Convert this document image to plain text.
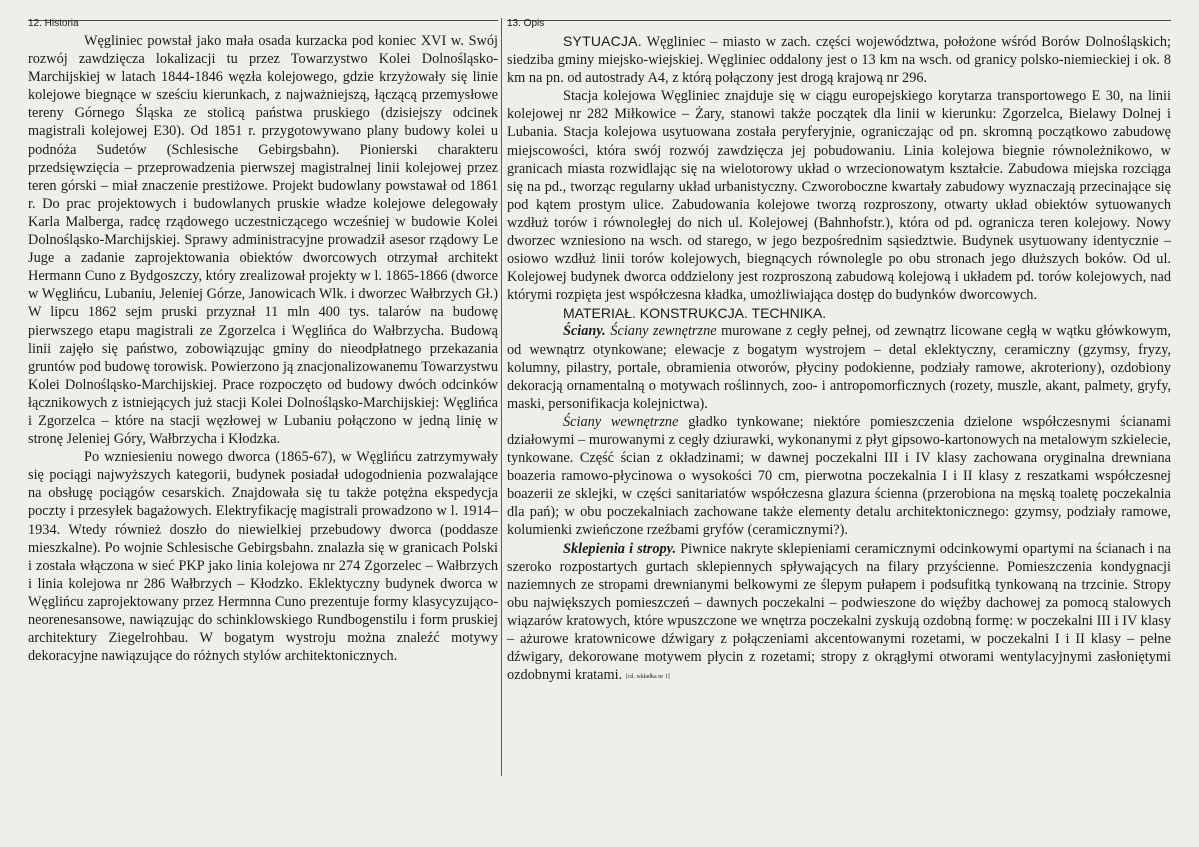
12. Historia

Węgliniec powstał jako mała osada kurzacka pod koniec XVI w. Swój rozwój zawdzięcza lokalizacji tu przez Towarzystwo Kolei Dolnośląsko-Marchijskiej w latach 1844-1846 węzła kolejowego, gdzie krzyżowały się linie kolejowe biegnące w sześciu kierunkach, z najważniejszą, łączącą przemysłowe tereny Górnego Śląska ze stolicą państwa pruskiego (dzisiejszy odcinek magistrali kolejowej E30). Od 1851 r. przygotowywano plany budowy kolei u podnóża Sudetów (Schlesische Gebirgsbahn). Pionierski charakteru przedsięwzięcia – przeprowadzenia pierwszej magistralnej linii kolejowej przez teren górski – miał znaczenie prestiżowe. Projekt budowlany powstawał od 1861 r. Do prac projektowych i budowlanych pruskie władze kolejowe delegowały Karla Malberga, radcę rządowego uczestniczącego wcześniej w budowie Kolei Dolnośląsko-Marchijskiej. Sprawy administracyjne prowadził asesor rządowy Le Juge a zadanie zaprojektowania obiektów dworcowych otrzymał architekt Hermann Cuno z Bydgoszczy, który zrealizował projekty w l. 1865-1866 (dworce w Węglińcu, Lubaniu, Jeleniej Górze, Janowicach Wlk. i dworzec Wałbrzych Gł.) W lipcu 1862 sejm pruski przyznał 11 mln 400 tys. talarów na budowę pierwszego etapu magistrali ze Zgorzelca i Węglińca do Wałbrzycha. Budową linii zajęło się państwo, zobowiązując gminy do nieodpłatnego przekazania gruntów pod budowę torowisk. Powierzono ją znacjonalizowanemu Towarzystwu Kolei Dolnośląsko-Marchijskiej. Prace rozpoczęto od budowy dwóch odcinków łącznikowych z istniejących już stacji Kolei Dolnośląsko-Marchijskiej: Węglińca i Zgorzelca – które na stacji węzłowej w Lubaniu połączono w jedną linię w stronę Jeleniej Góry, Wałbrzycha i Kłodzka.

Po wzniesieniu nowego dworca (1865-67), w Węglińcu zatrzymywały się pociągi najwyższych kategorii, budynek posiadał udogodnienia pozwalające na obsługę pociągów cesarskich. Znajdowała się tu także potężna ekspedycja poczty i przesyłek bagażowych. Elektryfikację magistrali prowadzono w l. 1914–1934. Wtedy również doszło do niewielkiej przebudowy dworca (poddasze mieszkalne). Po wojnie Schlesische Gebirgsbahn. znalazła się w granicach Polski i została włączona w sieć PKP jako linia kolejowa nr 274 Zgorzelec – Wałbrzych i linia kolejowa nr 286 Wałbrzych – Kłodzko. Eklektyczny budynek dworca w Węglińcu zaprojektowany przez Hermnna Cuno prezentuje formy klasycyzująco-neorenesansowe, nawiązując do schinklowskiego Rundbogenstilu i form pruskiej architektury Ziegelrohbau. W bogatym wystroju można znaleźć motywy dekoracyjne nawiązujące do różnych stylów architektonicznych.

13. Opis

SYTUACJA. Węgliniec – miasto w zach. części województwa, położone wśród Borów Dolnośląskich; siedziba gminy miejsko-wiejskiej. Węgliniec oddalony jest o 13 km na wsch. od granicy polsko-niemieckiej i ok. 8 km na pn. od autostrady A4, z którą połączony jest drogą krajową nr 296.

Stacja kolejowa Węgliniec znajduje się w ciągu europejskiego korytarza transportowego E 30, na linii kolejowej nr 282 Miłkowice – Żary, stanowi także początek dla linii w kierunku: Zgorzelca, Bielawy Dolnej i Lubania. Stacja kolejowa usytuowana została peryferyjnie, ograniczając od pn. skromną początkowo zabudowę miejscowości, która swój rozwój zawdzięcza jej pobudowaniu. Linia kolejowa biegnie równoleżnikowo, w granicach miasta rozwidlając się na wielotorowy układ o wrzecionowatym kształcie. Zabudowa miejska rozciąga się na pd., tworząc regularny układ urbanistyczny. Czworoboczne kwartały zabudowy wyznaczają przecinające się pod kątem prostym ulice. Zabudowania kolejowe tworzą rozproszony, otwarty układ obiektów sytuowanych wzdłuż torów i równoległej do nich ul. Kolejowej (Bahnhofstr.), która od pd. ogranicza teren kolejowy. Nowy dworzec wzniesiono na wsch. od starego, w jego bezpośrednim sąsiedztwie. Budynek usytuowany identycznie – osiowo wzdłuż linii torów kolejowych, biegnących równolegle po obu stronach jego dłuższych boków. Od ul. Kolejowej budynek dworca oddzielony jest rozproszoną zabudową kolejową i układem pd. torów kolejowych, nad którymi rozpięta jest współczesna kładka, umożliwiająca dostęp do budynków dworcowych.

MATERIAŁ. KONSTRUKCJA. TECHNIKA.

Ściany. Ściany zewnętrzne murowane z cegły pełnej, od zewnątrz licowane cegłą w wątku główkowym, od wewnątrz otynkowane; elewacje z bogatym wystrojem – detal eklektyczny, ceramiczny (gzymsy, fryzy, kolumny, pilastry, portale, obramienia otworów, płyciny podokienne, podziały ramowe, akroteriony), ozdobiony dekoracją ornamentalną o motywach roślinnych, zoo- i antropomorficznych (rozety, muszle, akant, palmety, gryfy, maski, personifikacja kolejnictwa).

Ściany wewnętrzne gładko tynkowane; niektóre pomieszczenia dzielone współczesnymi ścianami działowymi – murowanymi z cegły dziurawki, wykonanymi z płyt gipsowo-kartonowych na metalowym szkielecie, tynkowane. Część ścian z okładzinami; w dawnej poczekalni III i IV klasy zachowana oryginalna drewniana boazeria ramowo-płycinowa o wysokości 70 cm, pierwotna poczekalnia I i II klasy z reszatkami współczesnej boazerii ze sklejki, w części sanitariatów współczesna glazura ścienna (przerobiona na męską toaletę poczekalnia dla pań); w obu poczekalniach zachowane także elementy detalu architektonicznego: gzymsy, podziały ramowe, kolumienki zwieńczone rzeźbami gryfów (ceramicznymi?).

Sklepienia i stropy. Piwnice nakryte sklepieniami ceramicznymi odcinkowymi opartymi na ścianach i na szeroko rozpostartych gurtach sklepiennych spływających na filary przyścienne. Pomieszczenia kondygnacji naziemnych ze stropami drewnianymi belkowymi ze ślepym pułapem i podsufitką tynkowaną na trzcinie. Stropy obu największych pomieszczeń – dawnych poczekalni – podwieszone do więźby dachowej za pomocą stalowych wiązarów kratowych, które wpuszczone we wnętrza poczekalni zyskują ozdobną formę: w poczekalni III i IV klasy – ażurowe kratownicowe dźwigary z połączeniami akcentowanymi rozetami, w poczekalni I i II klasy – pełne dźwigary, dekorowane motywem płycin z rozetami; stropy z okrągłymi otworami wentylacyjnymi zasłoniętymi ozdobnymi kratami. [cd. wkładka nr 1]
